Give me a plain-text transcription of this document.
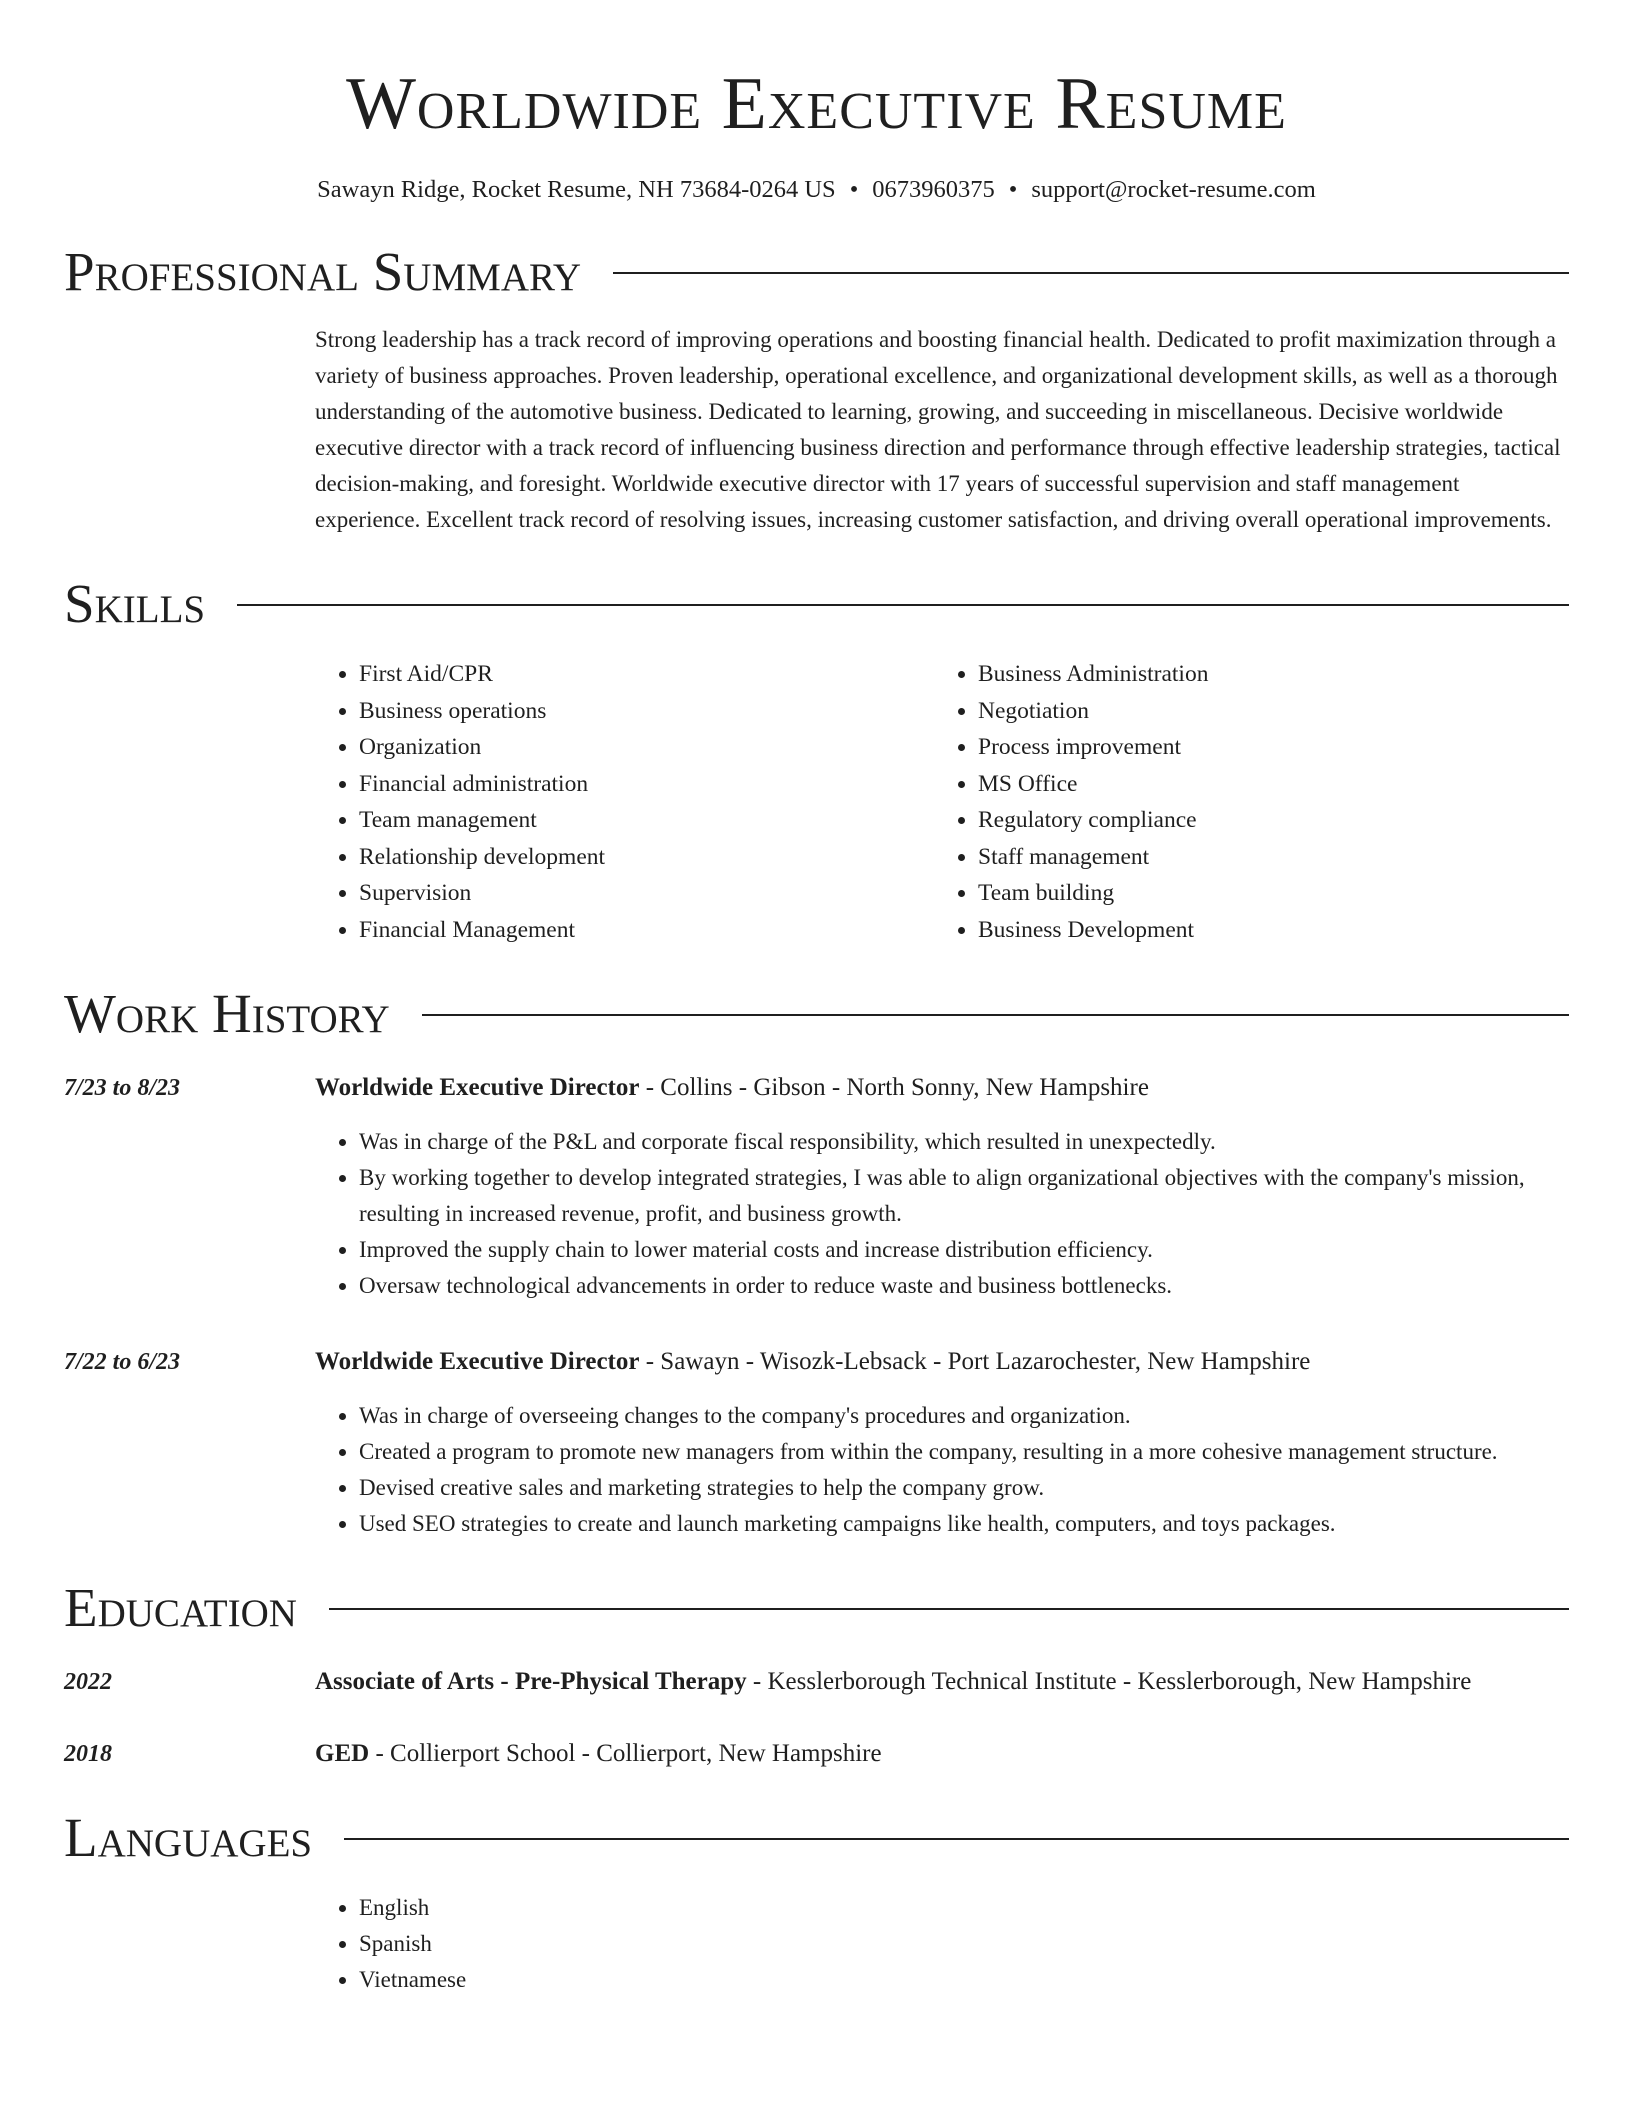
Worldwide Executive Resume
Sawayn Ridge, Rocket Resume, NH 73684-0264 US • 0673960375 • support@rocket-resume.com
Professional Summary

Strong leadership has a track record of improving operations and boosting financial health. Dedicated to profit maximization through a variety of business approaches. Proven leadership, operational excellence, and organizational development skills, as well as a thorough understanding of the automotive business. Dedicated to learning, growing, and succeeding in miscellaneous. Decisive worldwide executive director with a track record of influencing business direction and performance through effective leadership strategies, tactical decision-making, and foresight. Worldwide executive director with 17 years of successful supervision and staff management experience. Excellent track record of resolving issues, increasing customer satisfaction, and driving overall operational improvements.

Skills
• First Aid/CPR
• Business operations
• Organization
• Financial administration
• Team management
• Relationship development
• Supervision
• Financial Management
• Business Administration
• Negotiation
• Process improvement
• MS Office
• Regulatory compliance
• Staff management
• Team building
• Business Development
Work History
7/23 to 8/23	Worldwide Executive Director - Collins - Gibson - North Sonny, New Hampshire
• Was in charge of the P&L and corporate fiscal responsibility, which resulted in unexpectedly.
• By working together to develop integrated strategies, I was able to align organizational objectives with the company's mission, resulting in increased revenue, profit, and business growth.
• Improved the supply chain to lower material costs and increase distribution efficiency.
• Oversaw technological advancements in order to reduce waste and business bottlenecks.
7/22 to 6/23	Worldwide Executive Director - Sawayn - Wisozk-Lebsack - Port Lazarochester, New Hampshire
• Was in charge of overseeing changes to the company's procedures and organization.
• Created a program to promote new managers from within the company, resulting in a more cohesive management structure.
• Devised creative sales and marketing strategies to help the company grow.
• Used SEO strategies to create and launch marketing campaigns like health, computers, and toys packages.
Education
2022	Associate of Arts - Pre-Physical Therapy - Kesslerborough Technical Institute - Kesslerborough, New Hampshire
2018	GED - Collierport School - Collierport, New Hampshire
Languages
• English
• Spanish
• Vietnamese
